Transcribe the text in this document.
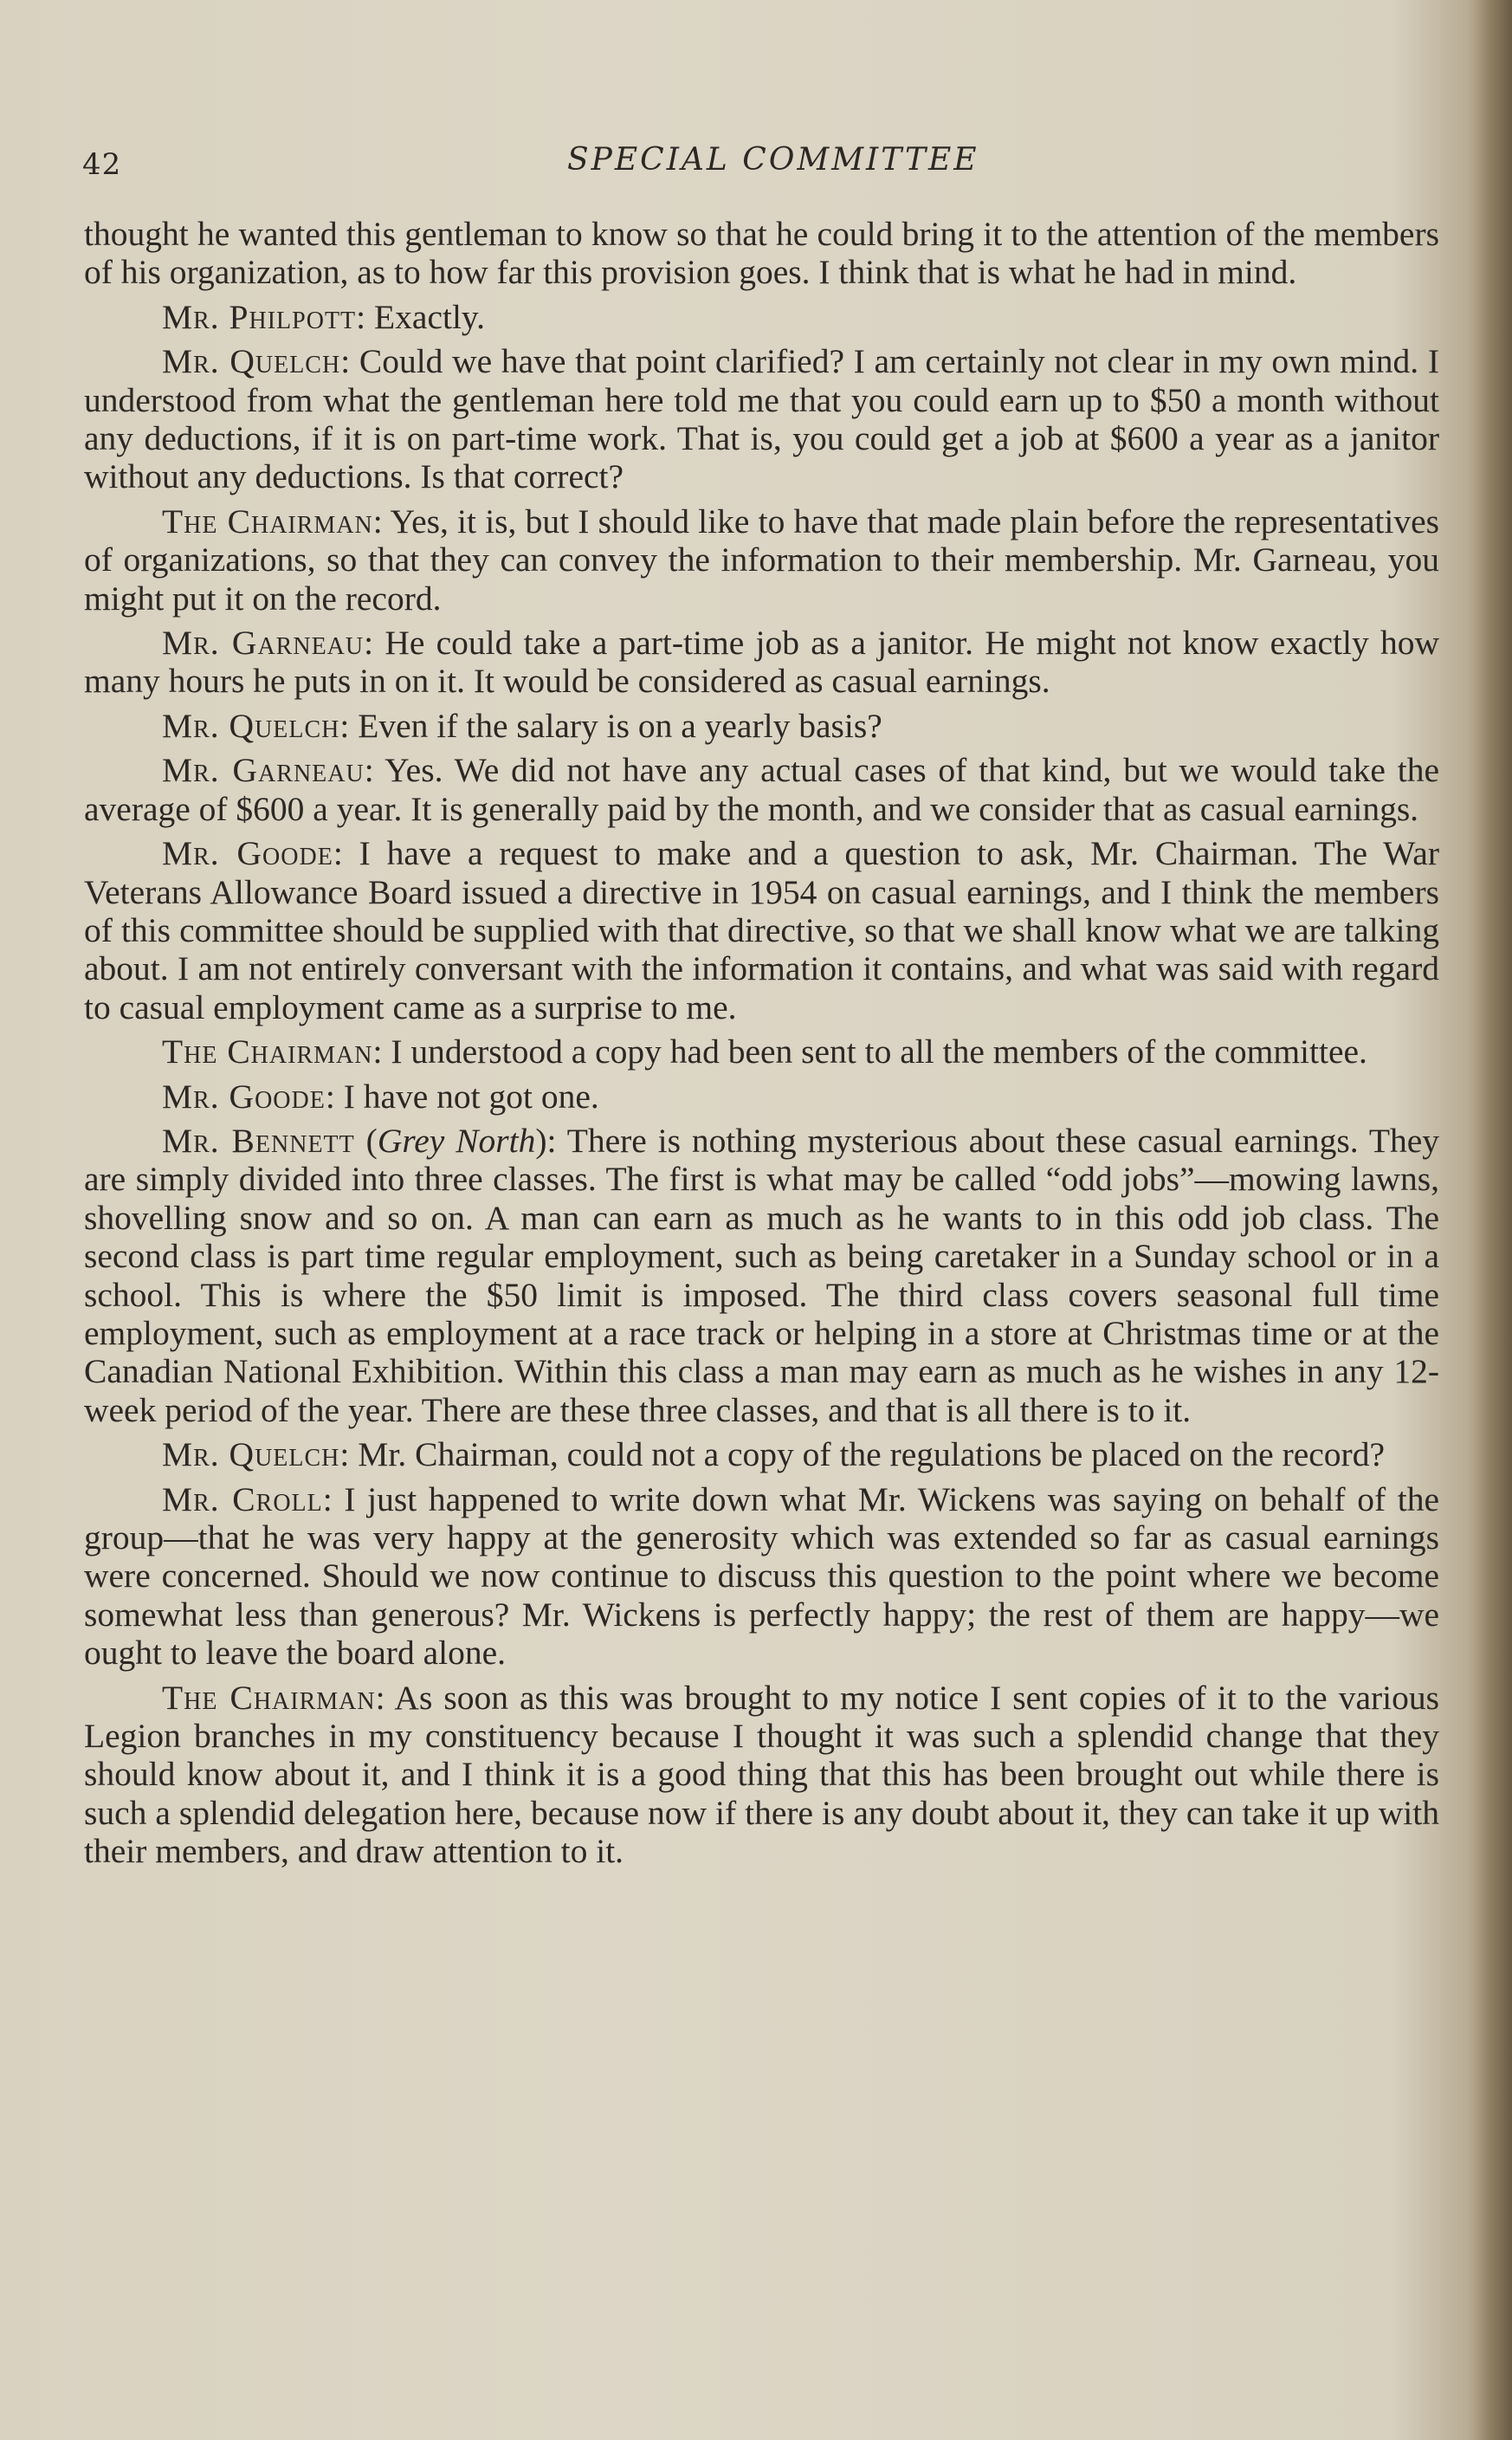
42	SPECIAL COMMITTEE

thought he wanted this gentleman to know so that he could bring it to the attention of the members of his organization, as to how far this provision goes. I think that is what he had in mind.

Mr. Philpott: Exactly.

Mr. Quelch: Could we have that point clarified? I am certainly not clear in my own mind. I understood from what the gentleman here told me that you could earn up to $50 a month without any deductions, if it is on part-time work. That is, you could get a job at $600 a year as a janitor without any deductions. Is that correct?

The Chairman: Yes, it is, but I should like to have that made plain before the representatives of organizations, so that they can convey the information to their membership. Mr. Garneau, you might put it on the record.

Mr. Garneau: He could take a part-time job as a janitor. He might not know exactly how many hours he puts in on it. It would be considered as casual earnings.

Mr. Quelch: Even if the salary is on a yearly basis?

Mr. Garneau: Yes. We did not have any actual cases of that kind, but we would take the average of $600 a year. It is generally paid by the month, and we consider that as casual earnings.

Mr. Goode: I have a request to make and a question to ask, Mr. Chairman. The War Veterans Allowance Board issued a directive in 1954 on casual earnings, and I think the members of this committee should be supplied with that directive, so that we shall know what we are talking about. I am not entirely conversant with the information it contains, and what was said with regard to casual employment came as a surprise to me.

The Chairman: I understood a copy had been sent to all the members of the committee.

Mr. Goode: I have not got one.

Mr. Bennett (Grey North): There is nothing mysterious about these casual earnings. They are simply divided into three classes. The first is what may be called “odd jobs”—mowing lawns, shovelling snow and so on. A man can earn as much as he wants to in this odd job class. The second class is part time regular employment, such as being caretaker in a Sunday school or in a school. This is where the $50 limit is imposed. The third class covers seasonal full time employment, such as employment at a race track or helping in a store at Christmas time or at the Canadian National Exhibition. Within this class a man may earn as much as he wishes in any 12-week period of the year. There are these three classes, and that is all there is to it.

Mr. Quelch: Mr. Chairman, could not a copy of the regulations be placed on the record?

Mr. Croll: I just happened to write down what Mr. Wickens was saying on behalf of the group—that he was very happy at the generosity which was extended so far as casual earnings were concerned. Should we now continue to discuss this question to the point where we become somewhat less than generous? Mr. Wickens is perfectly happy; the rest of them are happy—we ought to leave the board alone.

The Chairman: As soon as this was brought to my notice I sent copies of it to the various Legion branches in my constituency because I thought it was such a splendid change that they should know about it, and I think it is a good thing that this has been brought out while there is such a splendid delegation here, because now if there is any doubt about it, they can take it up with their members, and draw attention to it.
